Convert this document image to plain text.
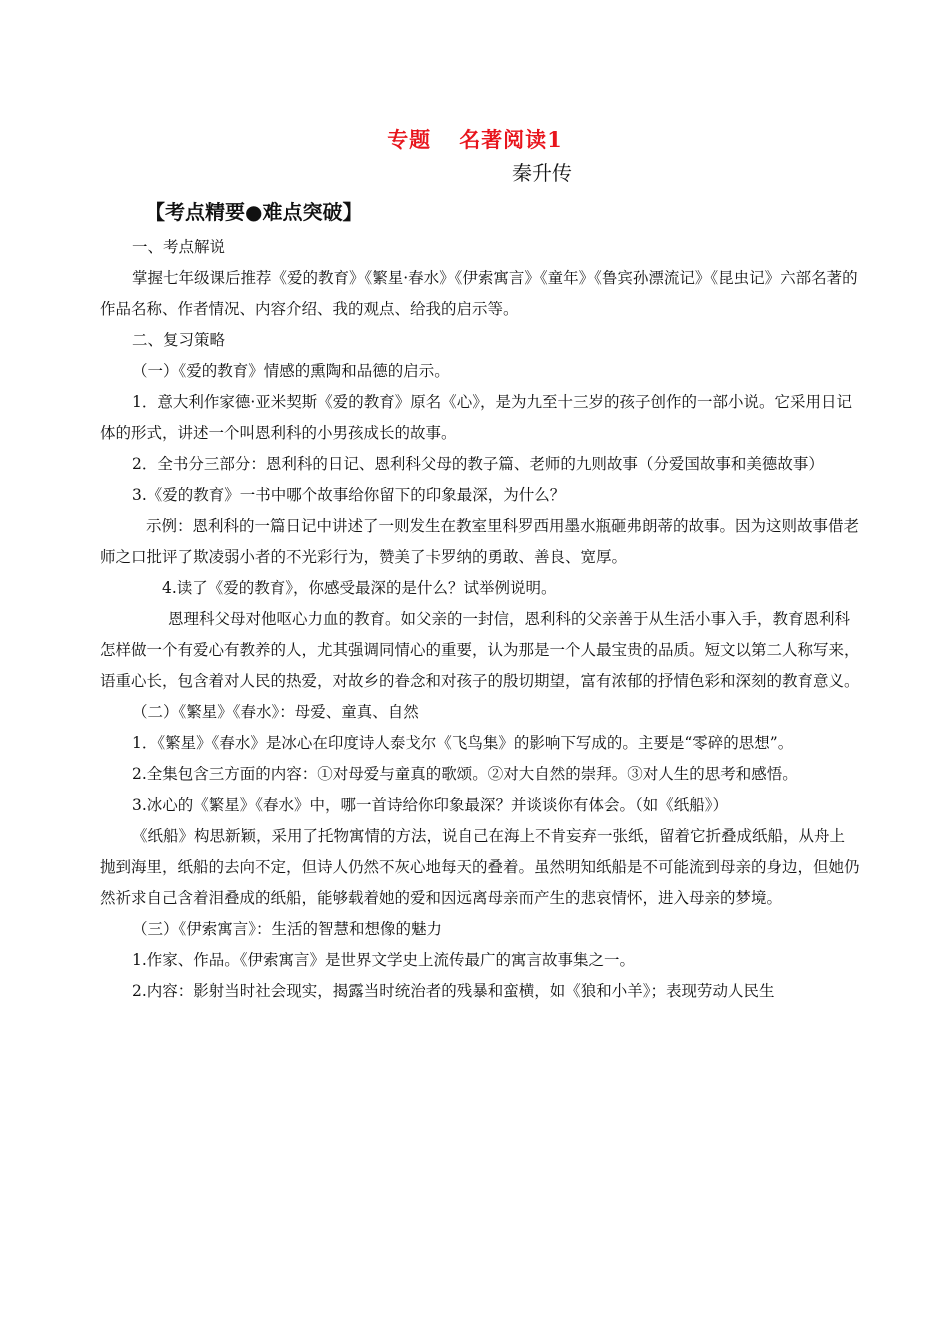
专题 名著阅读1
秦升传
【考点精要●难点突破】

一、考点解说

掌握七年级课后推荐《爱的教育》《繁星·春水》《伊索寓言》《童年》《鲁宾孙漂流记》《昆虫记》六部名著的作品名称、作者情况、内容介绍、我的观点、给我的启示等。

二、复习策略

（一）《爱的教育》情感的熏陶和品德的启示。

1．意大利作家德·亚米契斯《爱的教育》原名《心》，是为九至十三岁的孩子创作的一部小说。它采用日记体的形式，讲述一个叫恩利科的小男孩成长的故事。

2．全书分三部分：恩利科的日记、恩利科父母的教子篇、老师的九则故事（分爱国故事和美德故事）

3.《爱的教育》一书中哪个故事给你留下的印象最深，为什么？

示例：恩利科的一篇日记中讲述了一则发生在教室里科罗西用墨水瓶砸弗朗蒂的故事。因为这则故事借老师之口批评了欺凌弱小者的不光彩行为，赞美了卡罗纳的勇敢、善良、宽厚。

4.读了《爱的教育》，你感受最深的是什么？试举例说明。

恩理科父母对他呕心力血的教育。如父亲的一封信，恩利科的父亲善于从生活小事入手，教育恩利科怎样做一个有爱心有教养的人，尤其强调同情心的重要，认为那是一个人最宝贵的品质。短文以第二人称写来，语重心长，包含着对人民的热爱，对故乡的眷念和对孩子的殷切期望，富有浓郁的抒情色彩和深刻的教育意义。

（二）《繁星》《春水》：母爱、童真、自然

1．《繁星》《春水》是冰心在印度诗人泰戈尔《飞鸟集》的影响下写成的。主要是“零碎的思想”。

2.全集包含三方面的内容：①对母爱与童真的歌颂。②对大自然的崇拜。③对人生的思考和感悟。

3.冰心的《繁星》《春水》中，哪一首诗给你印象最深？并谈谈你有体会。（如《纸船》）

《纸船》构思新颖，采用了托物寓情的方法，说自己在海上不肯妄弃一张纸，留着它折叠成纸船，从舟上抛到海里，纸船的去向不定，但诗人仍然不灰心地每天的叠着。虽然明知纸船是不可能流到母亲的身边，但她仍然祈求自己含着泪叠成的纸船，能够载着她的爱和因远离母亲而产生的悲哀情怀，进入母亲的梦境。

（三）《伊索寓言》：生活的智慧和想像的魅力

1.作家、作品。《伊索寓言》是世界文学史上流传最广的寓言故事集之一。

2.内容：影射当时社会现实，揭露当时统治者的残暴和蛮横，如《狼和小羊》；表现劳动人民生
